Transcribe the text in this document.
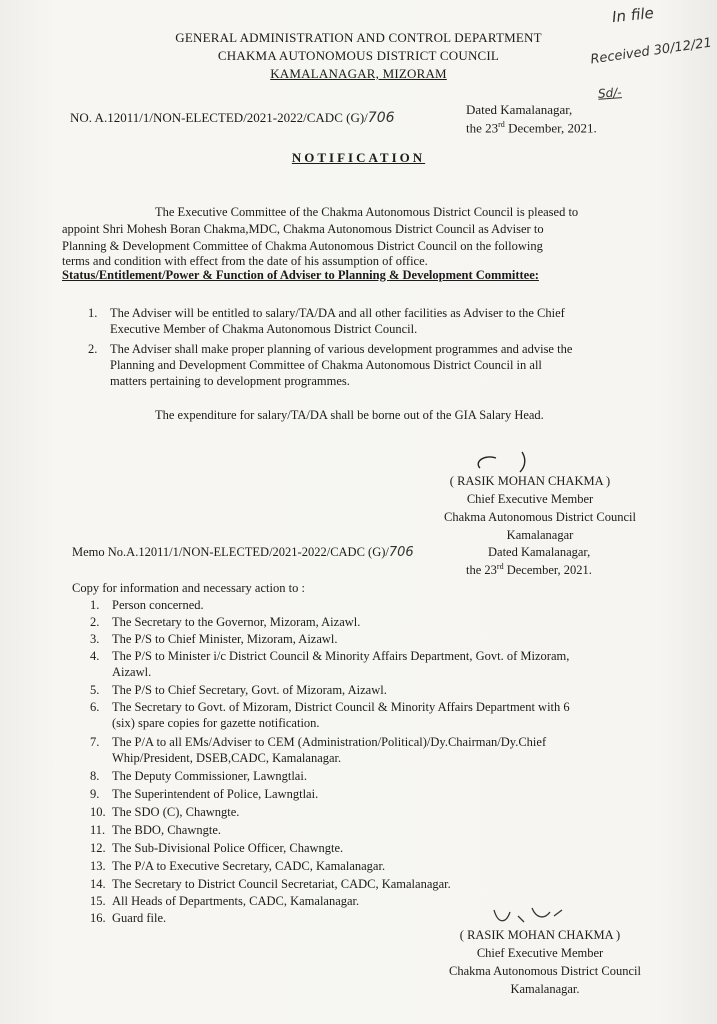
GENERAL ADMINISTRATION AND CONTROL DEPARTMENT
CHAKMA AUTONOMOUS DISTRICT COUNCIL
KAMALANAGAR, MIZORAM
In file
Received 30/12/21
Sd/-
NO. A.12011/1/NON-ELECTED/2021-2022/CADC (G)/706
Dated Kamalanagar,
the 23rd December, 2021.
NOTIFICATION
The Executive Committee of the Chakma Autonomous District Council is pleased to
appoint Shri Mohesh Boran Chakma,MDC, Chakma Autonomous District Council as Adviser to
Planning & Development Committee of Chakma Autonomous District Council on the following
terms and condition with effect from the date of his assumption of office.
Status/Entitlement/Power & Function of Adviser to Planning & Development Committee:
1. The Adviser will be entitled to salary/TA/DA and all other facilities as Adviser to the Chief
Executive Member of Chakma Autonomous District Council.
2. The Adviser shall make proper planning of various development programmes and advise the
Planning and Development Committee of Chakma Autonomous District Council in all
matters pertaining to development programmes.
The expenditure for salary/TA/DA shall be borne out of the GIA Salary Head.
( RASIK MOHAN CHAKMA )
Chief Executive Member
Chakma Autonomous District Council
Kamalanagar
Memo No.A.12011/1/NON-ELECTED/2021-2022/CADC (G)/706	Dated Kamalanagar,
the 23rd December, 2021.
Copy for information and necessary action to :
1. Person concerned.
2. The Secretary to the Governor, Mizoram, Aizawl.
3. The P/S to Chief Minister, Mizoram, Aizawl.
4. The P/S to Minister i/c District Council & Minority Affairs Department, Govt. of Mizoram,
Aizawl.
5. The P/S to Chief Secretary, Govt. of Mizoram, Aizawl.
6. The Secretary to Govt. of Mizoram, District Council & Minority Affairs Department with 6
(six) spare copies for gazette notification.
7. The P/A to all EMs/Adviser to CEM (Administration/Political)/Dy.Chairman/Dy.Chief
Whip/President, DSEB,CADC, Kamalanagar.
8. The Deputy Commissioner, Lawngtlai.
9. The Superintendent of Police, Lawngtlai.
10. The SDO (C), Chawngte.
11. The BDO, Chawngte.
12. The Sub-Divisional Police Officer, Chawngte.
13. The P/A to Executive Secretary, CADC, Kamalanagar.
14. The Secretary to District Council Secretariat, CADC, Kamalanagar.
15. All Heads of Departments, CADC, Kamalanagar.
16. Guard file.
( RASIK MOHAN CHAKMA )
Chief Executive Member
Chakma Autonomous District Council
Kamalanagar.
